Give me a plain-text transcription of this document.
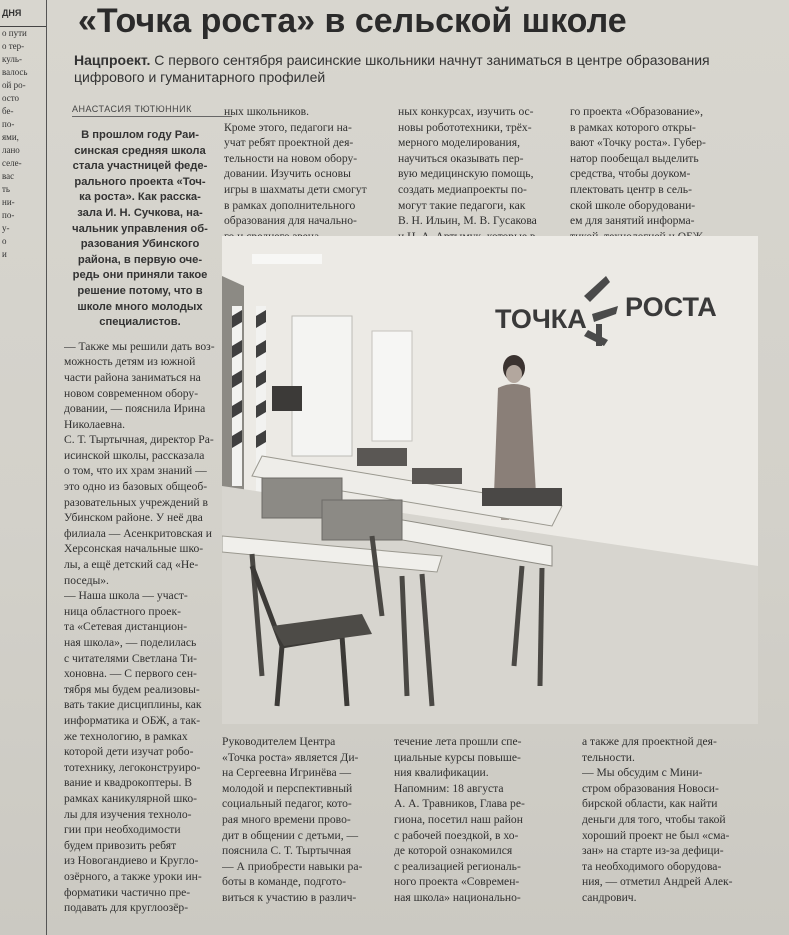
ДНЯ
о пути
о тер-
куль-
валось
ой ро-
осто
бе-
по-
ями,
лано
селе-
вас
ть
ни-
по-
у-
о
и
«Точка роста» в сельской школе
Нацпроект. С первого сентября раисинские школьники начнут заниматься в центре образования цифрового и гуманитарного профилей
АНАСТАСИЯ ТЮТЮННИК
В прошлом году Раи-
синская средняя школа
стала участницей феде-
рального проекта «Точ-
ка роста». Как расска-
зала И. Н. Сучкова, на-
чальник управления об-
разования Убинского
района, в первую оче-
редь они приняли такое
решение потому, что в
школе много молодых
специалистов.
— Также мы решили дать воз-
можность детям из южной
части района заниматься на
новом современном обору-
довании, — пояснила Ирина
Николаевна.
С. Т. Тыртычная, директор Ра-
исинской школы, рассказала
о том, что их храм знаний —
это одно из базовых общеоб-
разовательных учреждений в
Убинском районе. У неё два
филиала — Асенкритовская и
Херсонская начальные шко-
лы, а ещё детский сад «Не-
поседы».
— Наша школа — участ-
ница областного проек-
та «Сетевая дистанцион-
ная школа», — поделилась
с читателями Светлана Ти-
хоновна. — С первого сен-
тября мы будем реализовы-
вать такие дисциплины, как
информатика и ОБЖ, а так-
же технологию, в рамках
которой дети изучат робо-
тотехнику, легоконструиро-
вание и квадрокоптеры. В
рамках каникулярной шко-
лы для изучения техноло-
гии при необходимости
будем привозить ребят
из Новогандиево и Кругло-
озёрного, а также уроки ин-
форматики частично пре-
подавать для круглоозёр-
ных школьников.
Кроме этого, педагоги на-
учат ребят проектной дея-
тельности на новом обору-
довании. Изучить основы
игры в шахматы дети смогут
в рамках дополнительного
образования для начально-
ных конкурсах, изучить ос-
новы робототехники, трёх-
мерного моделирования,
научиться оказывать пер-
вую медицинскую помощь,
создать медиапроекты по-
могут такие педагоги, как
В. Н. Ильин, М. В. Гусакова
го проекта «Образование»,
в рамках которого откры-
вают «Точку роста». Губер-
натор пообещал выделить
средства, чтобы доуком-
плектовать центр в сель-
ской школе оборудовани-
ем для занятий информа-
ТОЧКА РОСТА
Руководителем Центра
«Точка роста» является Ди-
на Сергеевна Игринёва —
молодой и перспективный
социальный педагог, кото-
рая много времени прово-
дит в общении с детьми, —
пояснила С. Т. Тыртычная
— А приобрести навыки ра-
боты в команде, подгото-
виться к участию в различ-
течение лета прошли спе-
циальные курсы повыше-
ния квалификации.
Напомним: 18 августа
А. А. Травников, Глава ре-
гиона, посетил наш район
с рабочей поездкой, в хо-
де которой ознакомился
с реализацией региональ-
ного проекта «Современ-
ная школа» национально-
а также для проектной дея-
тельности.
— Мы обсудим с Мини-
стром образования Новоси-
бирской области, как найти
деньги для того, чтобы такой
хороший проект не был «сма-
зан» на старте из-за дефици-
та необходимого оборудова-
ния, — отметил Андрей Алек-
сандрович.
